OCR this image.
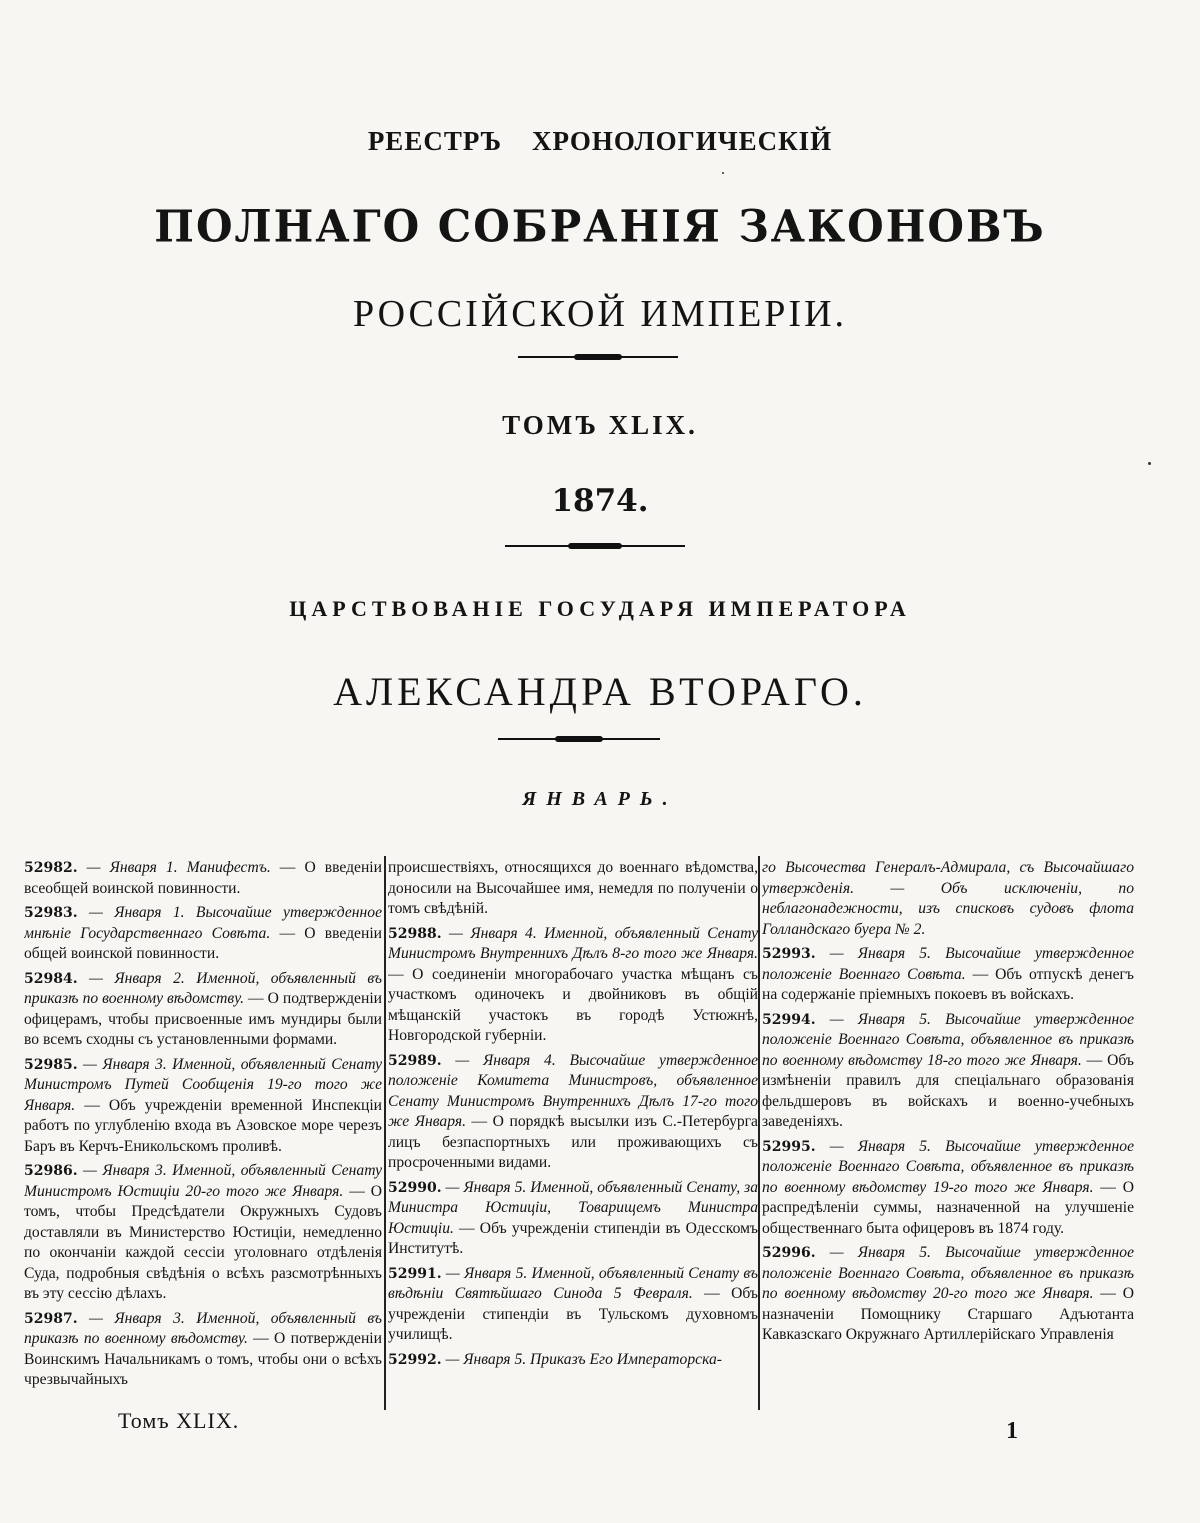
РЕЕСТРЪ ХРОНОЛОГИЧЕСКІЙ
ПОЛНАГО СОБРАНІЯ ЗАКОНОВЪ
РОССІЙСКОЙ ИМПЕРІИ.
ТОМЪ XLIX.
1874.
ЦАРСТВОВАНІЕ ГОСУДАРЯ ИМПЕРАТОРА
АЛЕКСАНДРА ВТОРАГО.
ЯНВАРЬ.
52982. — Января 1. Манифестъ. — О введеніи всеобщей воинской повинности.
52983. — Января 1. Высочайше утвержденное мнѣніе Государственнаго Совѣта. — О введеніи общей воинской повинности.
52984. — Января 2. Именной, объявленный въ приказѣ по военному вѣдомству. — О подтвержденіи офицерамъ, чтобы присвоенные имъ мундиры были во всемъ сходны съ установленными формами.
52985. — Января 3. Именной, объявленный Сенату Министромъ Путей Сообщенія 19-го того же Января. — Объ учрежденіи временной Инспекціи работъ по углубленію входа въ Азовское море черезъ Баръ въ Керчъ-Еникольскомъ проливѣ.
52986. — Января 3. Именной, объявленный Сенату Министромъ Юстиціи 20-го того же Января. — О томъ, чтобы Предсѣдатели Окружныхъ Судовъ доставляли въ Министерство Юстиціи, немедленно по окончаніи каждой сессіи уголовнаго отдѣленія Суда, подробныя свѣдѣнія о всѣхъ разсмотрѣнныхъ въ эту сессію дѣлахъ.
52987. — Января 3. Именной, объявленный въ приказѣ по военному вѣдомству. — О потвержденіи Воинскимъ Начальникамъ о томъ, чтобы они о всѣхъ чрезвычайныхъ
происшествіяхъ, относящихся до военнаго вѣдомства, доносили на Высочайшее имя, немедля по полученіи о томъ свѣдѣній.
52988. — Января 4. Именной, объявленный Сенату Министромъ Внутреннихъ Дѣлъ 8-го того же Января. — О соединеніи многорабочаго участка мѣщанъ съ участкомъ одиночекъ и двойниковъ въ общій мѣщанскій участокъ въ городѣ Устюжнѣ, Новгородской губерніи.
52989. — Января 4. Высочайше утвержденное положеніе Комитета Министровъ, объявленное Сенату Министромъ Внутреннихъ Дѣлъ 17-го того же Января. — О порядкѣ высылки изъ С.-Петербурга лицъ безпаспортныхъ или проживающихъ съ просроченными видами.
52990. — Января 5. Именной, объявленный Сенату, за Министра Юстиціи, Товарищемъ Министра Юстиціи. — Объ учрежденіи стипендіи въ Одесскомъ Институтѣ.
52991. — Января 5. Именной, объявленный Сенату въ вѣдѣніи Святѣйшаго Синода 5 Февраля. — Объ учрежденіи стипендіи въ Тульскомъ духовномъ училищѣ.
52992. — Января 5. Приказъ Его Императорска-
го Высочества Генералъ-Адмирала, съ Высочайшаго утвержденія. — Объ исключеніи, по неблагонадежности, изъ списковъ судовъ флота Голландскаго буера № 2.
52993. — Января 5. Высочайше утвержденное положеніе Военнаго Совѣта. — Объ отпускѣ денегъ на содержаніе пріемныхъ покоевъ въ войскахъ.
52994. — Января 5. Высочайше утвержденное положеніе Военнаго Совѣта, объявленное въ приказѣ по военному вѣдомству 18-го того же Января. — Объ измѣненіи правилъ для спеціальнаго образованія фельдшеровъ въ войскахъ и военно-учебныхъ заведеніяхъ.
52995. — Января 5. Высочайше утвержденное положеніе Военнаго Совѣта, объявленное въ приказѣ по военному вѣдомству 19-го того же Января. — О распредѣленіи суммы, назначенной на улучшеніе общественнаго быта офицеровъ въ 1874 году.
52996. — Января 5. Высочайше утвержденное положеніе Военнаго Совѣта, объявленное въ приказѣ по военному вѣдомству 20-го того же Января. — О назначеніи Помощнику Старшаго Адъютанта Кавказскаго Окружнаго Артиллерійскаго Управленія
Томъ XLIX.	1
